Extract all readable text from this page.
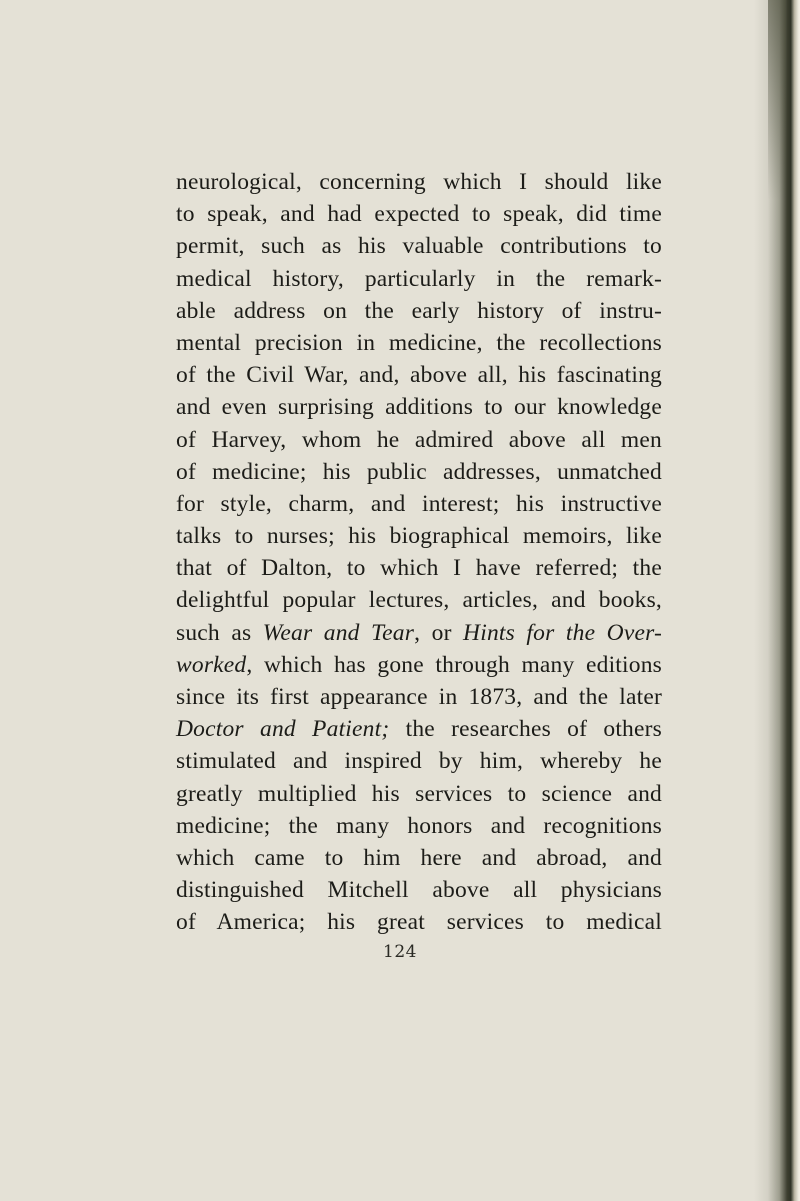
neurological, concerning which I should like
to speak, and had expected to speak, did time
permit, such as his valuable contributions to
medical history, particularly in the remark-
able address on the early history of instru-
mental precision in medicine, the recollections
of the Civil War, and, above all, his fascinating
and even surprising additions to our knowledge
of Harvey, whom he admired above all men
of medicine; his public addresses, unmatched
for style, charm, and interest; his instructive
talks to nurses; his biographical memoirs, like
that of Dalton, to which I have referred; the
delightful popular lectures, articles, and books,
such as Wear and Tear, or Hints for the Over-
worked, which has gone through many editions
since its first appearance in 1873, and the later
Doctor and Patient; the researches of others
stimulated and inspired by him, whereby he
greatly multiplied his services to science and
medicine; the many honors and recognitions
which came to him here and abroad, and
distinguished Mitchell above all physicians
of America; his great services to medical
124
